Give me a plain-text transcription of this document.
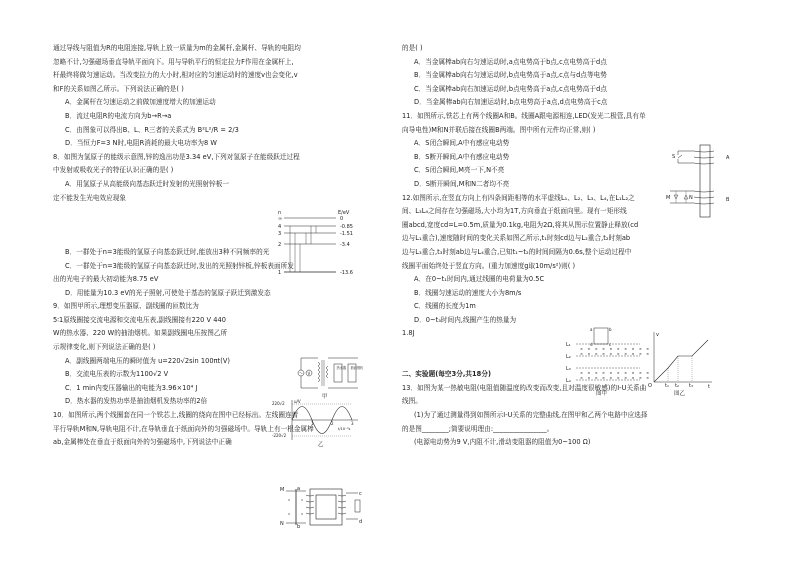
通过导线与阻值为R的电阻连接,导轨上放一质量为m的金属杆,金属杆、导轨的电阻均
忽略不计,匀强磁场垂直导轨平面向下。用与导轨平行的恒定拉力F作用在金属杆上,
杆最终将做匀速运动。当改变拉力的大小时,相对应的匀速运动时的速度v也会变化,v
和F的关系如图乙所示。下列说法正确的是( )
A．金属杆在匀速运动之前做加速度增大的加速运动
B．流过电阻R的电流方向为b→R→a
C．由图象可以得出B、L、R三者的关系式为 B²L²/R = 2/3
D．当恒力F=3 N时,电阻R消耗的最大电功率为8 W
8．如图为氢原子的能级示意图,锌的逸出功是3.34 eV,下列对氢原子在能级跃迁过程
中发射或吸收光子的特征认识正确的是( )
A．用氢原子从高能级向基态跃迁时发射的光照射锌板一
定不能发生光电效应现象
B．一群处于n=3能级的氢原子向基态跃迁时,能放出3种不同频率的光
C．一群处于n=3能级的氢原子向基态跃迁时,发出的光照射锌板,锌板表面所发
出的光电子的最大初动能为8.75 eV
D．用能量为10.3 eV的光子照射,可使处于基态的氢原子跃迁到激发态
9．如图甲所示,理想变压器原、副线圈的匝数比为
5∶1原线圈接交流电源和交流电压表,副线圈接有220 V 440
W的热水器、220 W的抽油烟机。如果副线圈电压按图乙所
示规律变化,则下列说法正确的是( )
A．副线圈两端电压的瞬时值为 u=220√2sin 100πt(V)
B．交流电压表的示数为1100√2 V
C．1 min内变压器输出的电能为3.96×10⁴ J
D．热水器的发热功率是抽油烟机发热功率的2倍
10．如图所示,两个线圈套在同一个铁芯上,线圈的绕向在图中已经标出。左线圈连着
平行导轨M和N,导轨电阻不计,在导轨垂直于纸面向外的匀强磁场中。导轨上有一根金属棒
ab,金属棒处在垂直于纸面向外的匀强磁场中,下列说法中正确
的是( )
A．当金属棒ab向右匀速运动时,a点电势高于b点,c点电势高于d点
B．当金属棒ab向右匀速运动时,b点电势高于a点,c点与d点等电势
C．当金属棒ab向右加速运动时,b点电势高于a点,c点电势高于d点
D．当金属棒ab向右加速运动时,b点电势高于a点,d点电势高于c点
11．如图所示,铁芯上有两个线圈A和B。线圈A跟电源相连,LED(发光二极管,具有单
向导电性)M和N并联后接在线圈B两端。图中所有元件均正常,则( )
A．S闭合瞬间,A中有感应电动势
B．S断开瞬间,A中有感应电动势
C．S闭合瞬间,M亮一下,N不亮
D．S断开瞬间,M和N二者均不亮
12.如图所示,在竖直方向上有四条间距相等的水平虚线L₁、L₂、L₃、L₄,在L₁L₂之
间、L₃L₄之间存在匀强磁场,大小均为1T,方向垂直于纸面向里。现有一矩形线
圈abcd,宽度cd=L=0.5m,质量为0.1kg,电阻为2Ω,将其从图示位置静止释放(cd
边与L₁重合),速度随时间的变化关系如图乙所示,t₁时刻cd边与L₂重合,t₂时刻ab
边与L₃重合,t₃时刻ab边与L₄重合,已知t₁~t₂的时间间隔为0.6s,整个运动过程中
线圈平面始终处于竖直方向。(重力加速度g取10m/s²)则( )
A．在0~t₁时间内,通过线圈的电荷量为0.5C
B．线圈匀速运动的速度大小为8m/s
C．线圈的长度为1m
D．0~t₃时间内,线圈产生的热量为
1.8J
二、实验题(每空3分,共18分)
13．如图为某一热敏电阻(电阻值随温度的改变而改变,且对温度很敏感)的I-U关系曲
线图。
(1)为了通过测量得到如图所示I-U关系的完整曲线,在图甲和乙两个电路中应选择
的是图________;简要说明理由:________________。
(电源电动势为9 V,内阻不计,滑动变阻器的阻值为0~100 Ω)
n	E/eV
∞
4
3
2
1
0
-0.85
-1.51
-3.4
-13.6
V
热水器 抽油烟机
甲
220√2
-220√2
u/V
1	2	3
t/10⁻²s
乙
M
N
a
b
c
d
A
B
S
M	N
a	b
d	c
L₁
L₂
L₃
L₄
× × × × × × × × × ×
× × × × × × × × × ×
× × × × × × × × × ×
× × × × × × × × × ×
图甲
v
t
O	t₁ t₂ t₃
图乙
